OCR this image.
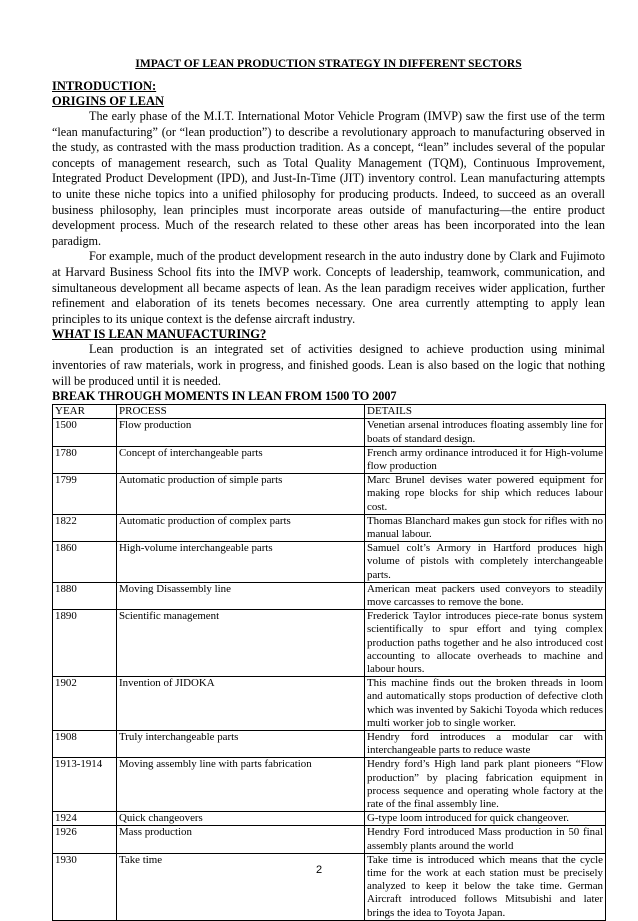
IMPACT OF LEAN PRODUCTION STRATEGY IN DIFFERENT SECTORS

INTRODUCTION:

ORIGINS OF LEAN

The early phase of the M.I.T. International Motor Vehicle Program (IMVP) saw the first use of the term “lean manufacturing” (or “lean production”) to describe a revolutionary approach to manufacturing observed in the study, as contrasted with the mass production tradition. As a concept, “lean” includes several of the popular concepts of management research, such as Total Quality Management (TQM), Continuous Improvement, Integrated Product Development (IPD), and Just-In-Time (JIT) inventory control. Lean manufacturing attempts to unite these niche topics into a unified philosophy for producing products. Indeed, to succeed as an overall business philosophy, lean principles must incorporate areas outside of manufacturing—the entire product development process. Much of the research related to these other areas has been incorporated into the lean paradigm.

For example, much of the product development research in the auto industry done by Clark and Fujimoto at Harvard Business School fits into the IMVP work. Concepts of leadership, teamwork, communication, and simultaneous development all became aspects of lean. As the lean paradigm receives wider application, further refinement and elaboration of its tenets becomes necessary. One area currently attempting to apply lean principles to its unique context is the defense aircraft industry.

WHAT IS LEAN MANUFACTURING?

Lean production is an integrated set of activities designed to achieve production using minimal inventories of raw materials, work in progress, and finished goods. Lean is also based on the logic that nothing will be produced until it is needed.

BREAK THROUGH MOMENTS IN LEAN FROM 1500 TO 2007

YEAR	PROCESS	DETAILS
1500	Flow production	Venetian arsenal introduces floating assembly line for boats of standard design.
1780	Concept of interchangeable parts	French army ordinance introduced it for High-volume flow production
1799	Automatic production of simple parts	Marc Brunel devises water powered equipment for making rope blocks for ship which reduces labour cost.
1822	Automatic production of complex parts	Thomas Blanchard makes gun stock for rifles with no manual labour.
1860	High-volume interchangeable parts	Samuel colt’s Armory in Hartford produces high volume of pistols with completely interchangeable parts.
1880	Moving Disassembly line	American meat packers used conveyors to steadily move carcasses to remove the bone.
1890	Scientific management	Frederick Taylor introduces piece-rate bonus system scientifically to spur effort and tying complex production paths together and he also introduced cost accounting to allocate overheads to machine and labour hours.
1902	Invention of JIDOKA	This machine finds out the broken threads in loom and automatically stops production of defective cloth which was invented by Sakichi Toyoda which reduces multi worker job to single worker.
1908	Truly interchangeable parts	Hendry ford introduces a modular car with interchangeable parts to reduce waste
1913-1914	Moving assembly line with parts fabrication	Hendry ford’s High land park plant pioneers “Flow production” by placing fabrication equipment in process sequence and operating whole factory at the rate of the final assembly line.
1924	Quick changeovers	G-type loom introduced for quick changeover.
1926	Mass production	Hendry Ford introduced Mass production in 50 final assembly plants around the world
1930	Take time	Take time is introduced which means that the cycle time for the work at each station must be precisely analyzed to keep it below the take time. German Aircraft introduced follows Mitsubishi and later brings the idea to Toyota Japan.
2
